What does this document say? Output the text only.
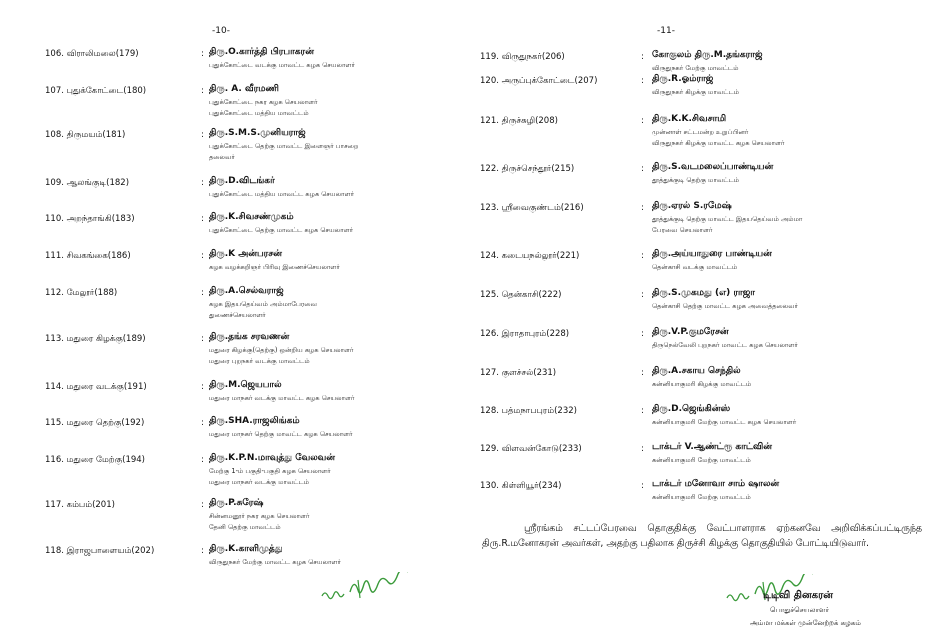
-10-
106. விராலிமலை(179)	: திரு.O.கார்த்தி பிரபாகரன்
புதுக்கோட்டை வடக்கு மாவட்ட கழக செயலாளர்
107. புதுக்கோட்டை(180)	: திரு. A. வீரமணி
புதுக்கோட்டை நகர கழக செயலாளர்
புதுக்கோட்டை மத்திய மாவட்டம்
108. திருமயம்(181)	: திரு.S.M.S.முனியராஜ்
புதுக்கோட்டை தெற்கு மாவட்ட இளைஞர் பாசறை
தலைவர்
109. ஆலங்குடி(182)	: திரு.D.விடங்கர்
புதுக்கோட்டை மத்திய மாவட்ட கழக செயலாளர்
110. அறந்தாங்கி(183)	: திரு.K.சிவசண்முகம்
புதுக்கோட்டை தெற்கு மாவட்ட கழக செயலாளர்
111. சிவகங்கை(186)	: திரு.K அன்பரசன்
கழக வழக்கறிஞர் பிரிவு இணைச்செயலாளர்
112. மேலூர்(188)	: திரு.A.செல்வராஜ்
கழக இதயதெய்வம் அம்மாபேரவை
துணைச்செயலாளர்
113. மதுரை கிழக்கு(189)	: திரு.தங்க சரவணன்
மதுரை கிழக்கு(தெற்கு) ஒன்றிய கழக செயலாளர்
மதுரை புறநகர் வடக்கு மாவட்டம்
114. மதுரை வடக்கு(191)	: திரு.M.ஜெயபால்
மதுரை மாநகர் வடக்கு மாவட்ட கழக செயலாளர்
115. மதுரை தெற்கு(192)	: திரு.SHA.ராஜலிங்கம்
மதுரை மாநகர் தெற்கு மாவட்ட கழக செயலாளர்
116. மதுரை மேற்கு(194)	: திரு.K.P.N.மாவுத்து வேலவன்
மேற்கு 1-ம் பகுதி-பகுதி கழக செயலாளர்
மதுரை மாநகர் வடக்கு மாவட்டம்
117. கம்பம்(201)	: திரு.P.சுரேஷ்
சின்னமனூர் நகர கழக செயலாளர்
தேனி தெற்கு மாவட்டம்
118. இராஜபாளையம்(202)	: திரு.K.காளிமுத்து
விருதுநகர் மேற்கு மாவட்ட கழக செயலாளர்
-11-
119. விருதுநகர்(206)	: கோகுலம் திரு.M.தங்கராஜ்
விருதுநகர் மேற்கு மாவட்டம்
120. அருப்புக்கோட்டை(207)	: திரு.R.ஓம்ராஜ்
விருதுநகர் கிழக்கு மாவட்டம்
121. திருச்சுழி(208)	: திரு.K.K.சிவசாமி
முன்னாள் சட்டமன்ற உறுப்பினர்
விருதுநகர் கிழக்கு மாவட்ட கழக செயலாளர்
122. திருச்செந்தூர்(215)	: திரு.S.வடமலைப்பாண்டியன்
தூத்துக்குடி தெற்கு மாவட்டம்
123. ஸ்ரீவைகுண்டம்(216)	: திரு.ஏரல் S.ரமேஷ்
தூத்துக்குடி தெற்கு மாவட்ட இதயதெய்வம் அம்மா
பேரவை செயலாளர்
124. கடையநல்லூர்(221)	: திரு.அய்யாதுரை பாண்டியன்
தென்காசி வடக்கு மாவட்டம்
125. தென்காசி(222)	: திரு.S.முகமது (எ) ராஜா
தென்காசி தெற்கு மாவட்ட கழக அவைத்தலைவர்
126. இராதாபுரம்(228)	: திரு.V.P.குமரேசன்
திருநெல்வேலி புறநகர் மாவட்ட கழக செயலாளர்
127. குளச்சல்(231)	: திரு.A.சகாய செந்தில்
கன்னியாகுமரி கிழக்கு மாவட்டம்
128. பத்மநாபபுரம்(232)	: திரு.D.ஜெங்கின்ஸ்
கன்னியாகுமரி மேற்கு மாவட்ட கழக செயலாளர்
129. விளவன்கோடு(233)	: டாக்டர் V.ஆண்ட்ரூ காட்வின்
கன்னியாகுமரி மேற்கு மாவட்டம்
130. கிள்ளியூர்(234)	: டாக்டர் மனோவா சாம் ஷாலன்
கன்னியாகுமரி மேற்கு மாவட்டம்
ஸ்ரீரங்கம் சட்டப்பேரவை தொகுதிக்கு வேட்பாளராக ஏற்கனவே அறிவிக்கப்பட்டிருந்த திரு.R.மனோகரன் அவர்கள், அதற்கு பதிலாக திருச்சி கிழக்கு தொகுதியில் போட்டியிடுவார்.
டிடிவி தினகரன்
பொதுச்செயலாளர்
அம்மா மக்கள் முன்னேற்றக் கழகம்
